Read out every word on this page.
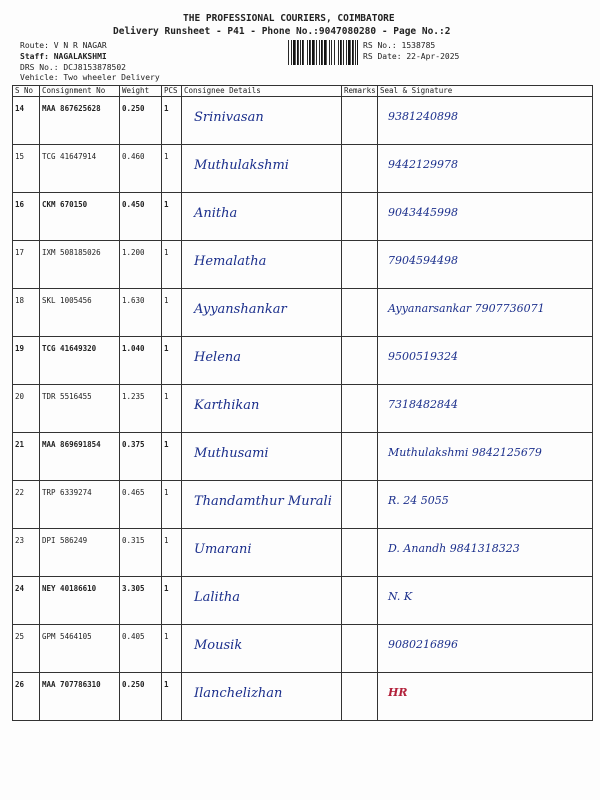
THE PROFESSIONAL COURIERS, COIMBATORE
Delivery Runsheet - P41 - Phone No.:9047080280 - Page No.:2
Route: V N R NAGAR
Staff: NAGALAKSHMI
DRS No.: DCJ8153878502
Vehicle: Two wheeler Delivery
RS No.: 1538785
RS Date: 22-Apr-2025
S No	Consignment No	Weight	PCS	Consignee Details	Remarks	Seal & Signature
14	MAA 867625628	0.250	1	Srinivasan		9381240898

15	TCG 41647914	0.460	1	Muthulakshmi		9442129978

16	CKM 670150	0.450	1	Anitha		9043445998

17	IXM 508185026	1.200	1	Hemalatha		7904594498

18	SKL 1005456	1.630	1	Ayyanshankar		Ayyanarsankar 7907736071

19	TCG 41649320	1.040	1	Helena		9500519324

20	TDR 5516455	1.235	1	Karthikan		7318482844

21	MAA 869691854	0.375	1	Muthusami		Muthulakshmi 9842125679

22	TRP 6339274	0.465	1	Thandamthur Murali		R. 24 5055

23	DPI 586249	0.315	1	Umarani		D. Anandh 9841318323

24	NEY 40186610	3.305	1	Lalitha		N. K

25	GPM 5464105	0.405	1	Mousik		9080216896

26	MAA 707786310	0.250	1	Ilanchelizhan		HR
